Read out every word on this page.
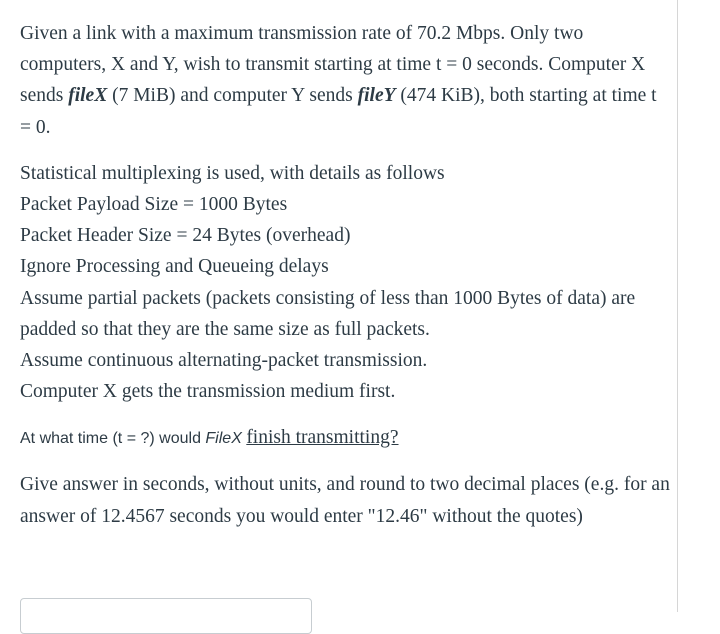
Given a link with a maximum transmission rate of 70.2 Mbps. Only two computers, X and Y, wish to transmit starting at time t = 0 seconds. Computer X sends fileX (7 MiB) and computer Y sends fileY (474 KiB), both starting at time t = 0.

Statistical multiplexing is used, with details as follows
Packet Payload Size = 1000 Bytes
Packet Header Size = 24 Bytes (overhead)
Ignore Processing and Queueing delays
Assume partial packets (packets consisting of less than 1000 Bytes of data) are padded so that they are the same size as full packets.
Assume continuous alternating-packet transmission.
Computer X gets the transmission medium first.

At what time (t = ?) would FileX finish transmitting?

Give answer in seconds, without units, and round to two decimal places (e.g. for an answer of 12.4567 seconds you would enter "12.46" without the quotes)
